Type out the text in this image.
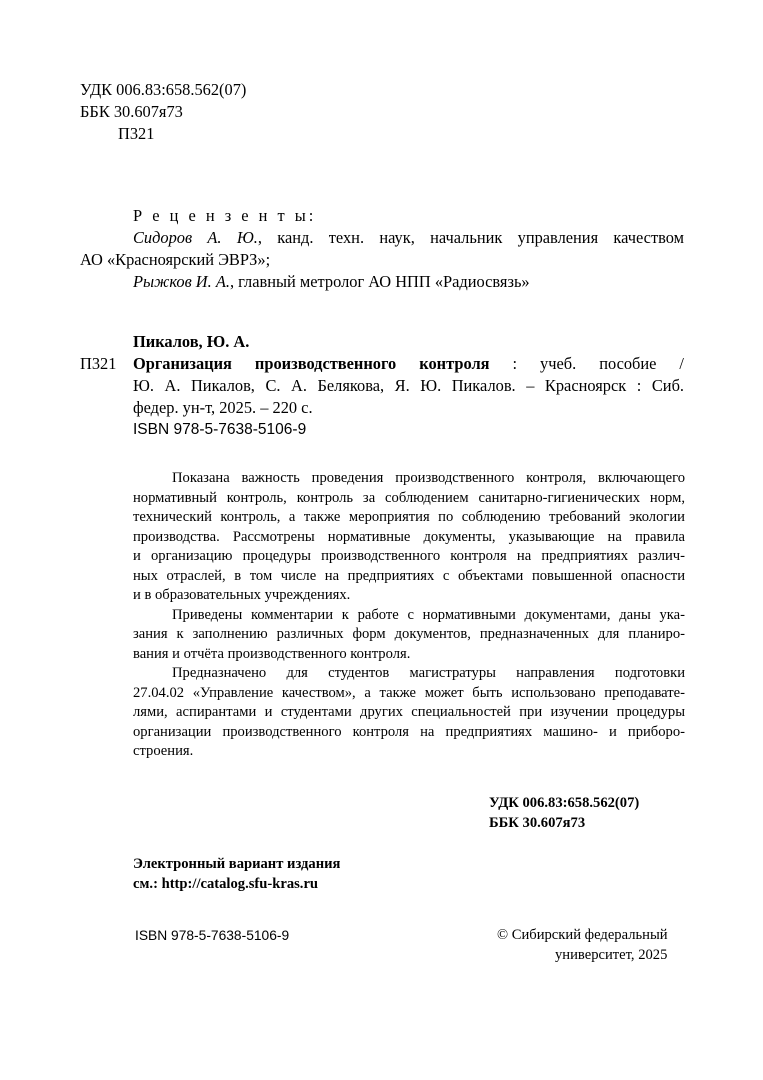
УДК 006.83:658.562(07)
ББК 30.607я73
П321
Р е ц е н з е н т ы:
Сидоров А. Ю., канд. техн. наук, начальник управления качеством
АО «Красноярский ЭВРЗ»;
Рыжков И. А., главный метролог АО НПП «Радиосвязь»
Пикалов, Ю. А.
П321 Организация производственного контроля : учеб. пособие /
Ю. А. Пикалов, С. А. Белякова, Я. Ю. Пикалов. – Красноярск : Сиб.
федер. ун-т, 2025. – 220 с.
ISBN 978-5-7638-5106-9
Показана важность проведения производственного контроля, включающего
нормативный контроль, контроль за соблюдением санитарно-гигиенических норм,
технический контроль, а также мероприятия по соблюдению требований экологии
производства. Рассмотрены нормативные документы, указывающие на правила
и организацию процедуры производственного контроля на предприятиях различ-
ных отраслей, в том числе на предприятиях с объектами повышенной опасности
и в образовательных учреждениях.
Приведены комментарии к работе с нормативными документами, даны ука-
зания к заполнению различных форм документов, предназначенных для планиро-
вания и отчёта производственного контроля.
Предназначено для студентов магистратуры направления подготовки
27.04.02 «Управление качеством», а также может быть использовано преподавате-
лями, аспирантами и студентами других специальностей при изучении процедуры
организации производственного контроля на предприятиях машино- и приборо-
строения.
УДК 006.83:658.562(07)
ББК 30.607я73
Электронный вариант издания
см.: http://catalog.sfu-kras.ru
ISBN 978-5-7638-5106-9	© Сибирский федеральный
университет, 2025
